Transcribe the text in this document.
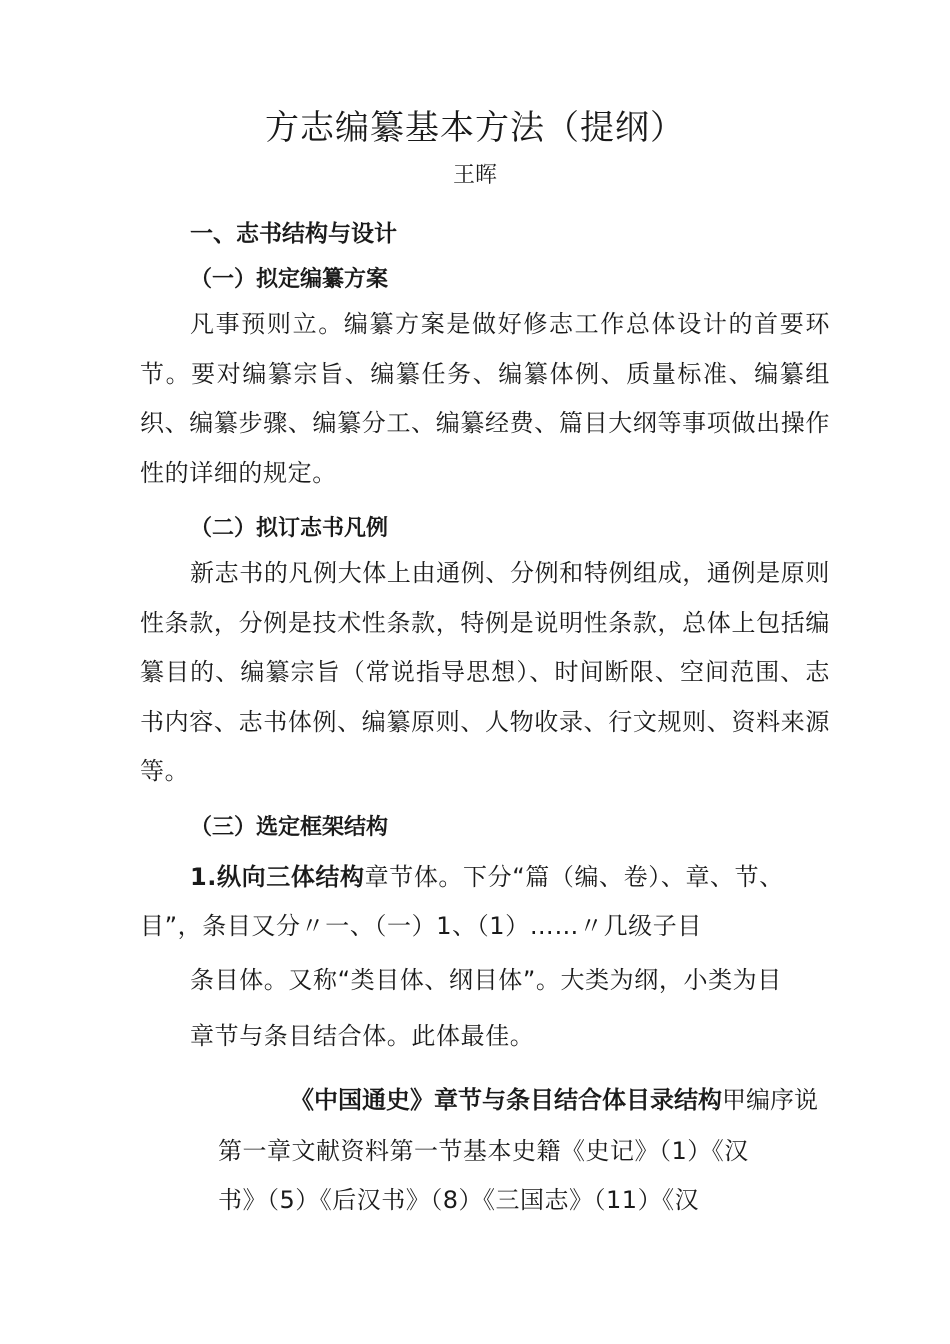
方志编纂基本方法（提纲）
王晖
一、志书结构与设计
（一）拟定编纂方案
凡事预则立。编纂方案是做好修志工作总体设计的首要环节。要对编纂宗旨、编纂任务、编纂体例、质量标准、编纂组织、编纂步骤、编纂分工、编纂经费、篇目大纲等事项做出操作性的详细的规定。
（二）拟订志书凡例
新志书的凡例大体上由通例、分例和特例组成，通例是原则性条款，分例是技术性条款，特例是说明性条款，总体上包括编纂目的、编纂宗旨（常说指导思想）、时间断限、空间范围、志书内容、志书体例、编纂原则、人物收录、行文规则、资料来源等。
（三）选定框架结构
1.纵向三体结构章节体。下分“篇（编、卷）、章、节、
目”，条目又分〃一、（一）1、（1）……〃几级子目
条目体。又称“类目体、纲目体”。大类为纲，小类为目
章节与条目结合体。此体最佳。
《中国通史》章节与条目结合体目录结构甲编序说
第一章文献资料第一节基本史籍《史记》（1）《汉
书》（5）《后汉书》（8）《三国志》（11）《汉
